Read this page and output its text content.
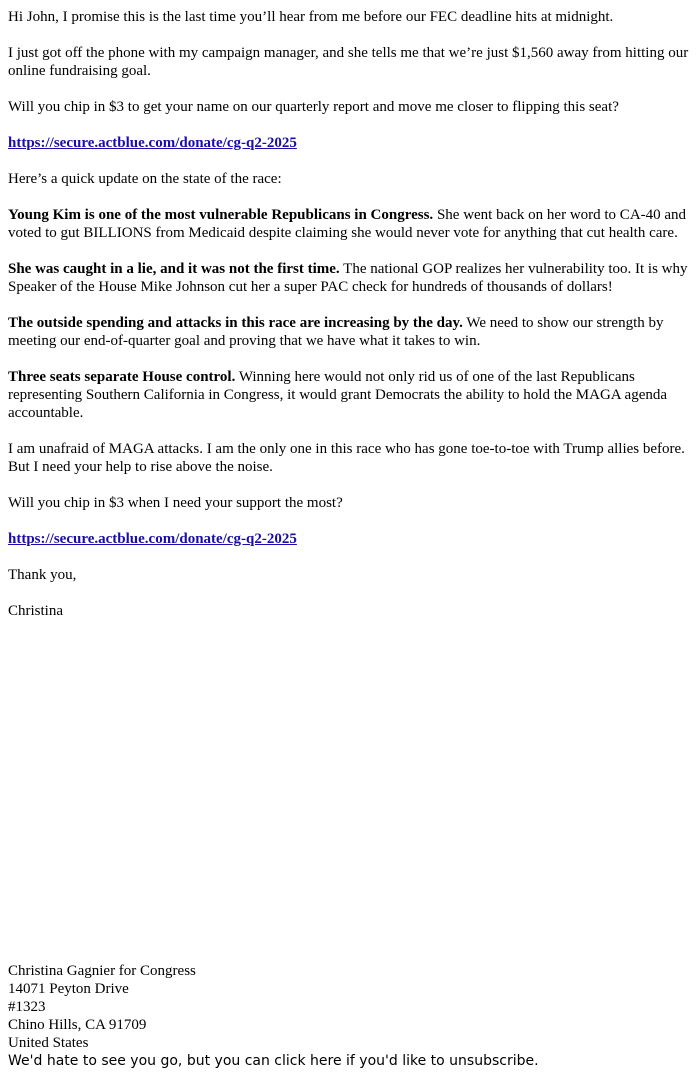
Hi John, I promise this is the last time you’ll hear from me before our FEC deadline hits at midnight.

I just got off the phone with my campaign manager, and she tells me that we’re just $1,560 away from hitting our online fundraising goal.

Will you chip in $3 to get your name on our quarterly report and move me closer to flipping this seat?

https://secure.actblue.com/donate/cg-q2-2025

Here’s a quick update on the state of the race:

Young Kim is one of the most vulnerable Republicans in Congress. She went back on her word to CA-40 and voted to gut BILLIONS from Medicaid despite claiming she would never vote for anything that cut health care.

She was caught in a lie, and it was not the first time. The national GOP realizes her vulnerability too. It is why Speaker of the House Mike Johnson cut her a super PAC check for hundreds of thousands of dollars!

The outside spending and attacks in this race are increasing by the day. We need to show our strength by meeting our end-of-quarter goal and proving that we have what it takes to win.

Three seats separate House control. Winning here would not only rid us of one of the last Republicans representing Southern California in Congress, it would grant Democrats the ability to hold the MAGA agenda accountable.

I am unafraid of MAGA attacks. I am the only one in this race who has gone toe-to-toe with Trump allies before. But I need your help to rise above the noise.

Will you chip in $3 when I need your support the most?

https://secure.actblue.com/donate/cg-q2-2025

Thank you,

Christina

Christina Gagnier for Congress
14071 Peyton Drive
#1323
Chino Hills, CA 91709
United States
We'd hate to see you go, but you can click here if you'd like to unsubscribe.
